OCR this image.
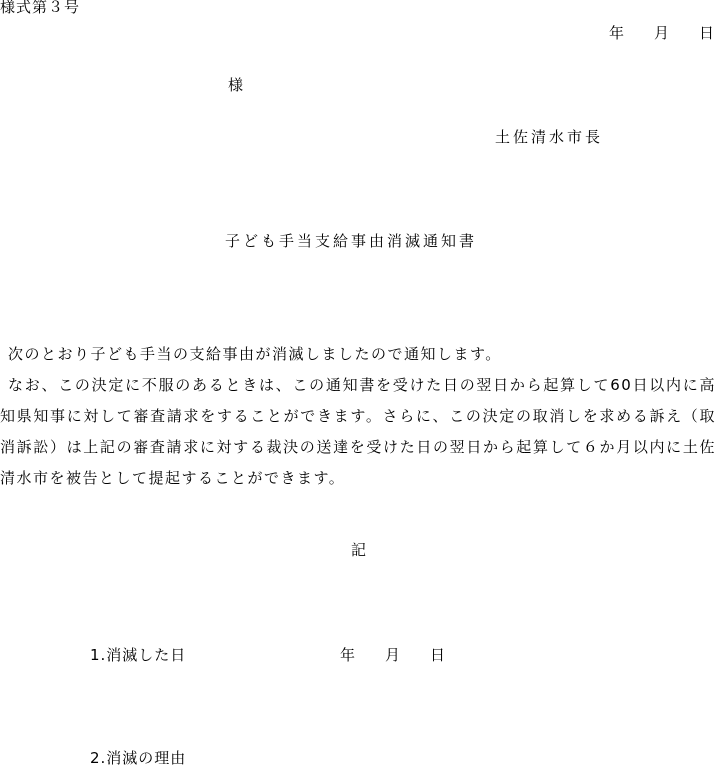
様式第３号
年　　月　　日
様
土佐清水市長
子ども手当支給事由消滅通知書

次のとおり子ども手当の支給事由が消滅しましたので通知します。

なお、この決定に不服のあるときは、この通知書を受けた日の翌日から起算して60日以内に高知県知事に対して審査請求をすることができます。さらに、この決定の取消しを求める訴え（取消訴訟）は上記の審査請求に対する裁決の送達を受けた日の翌日から起算して６か月以内に土佐清水市を被告として提起することができます。

記
1.消滅した日	年　　月　　日
2.消滅の理由
